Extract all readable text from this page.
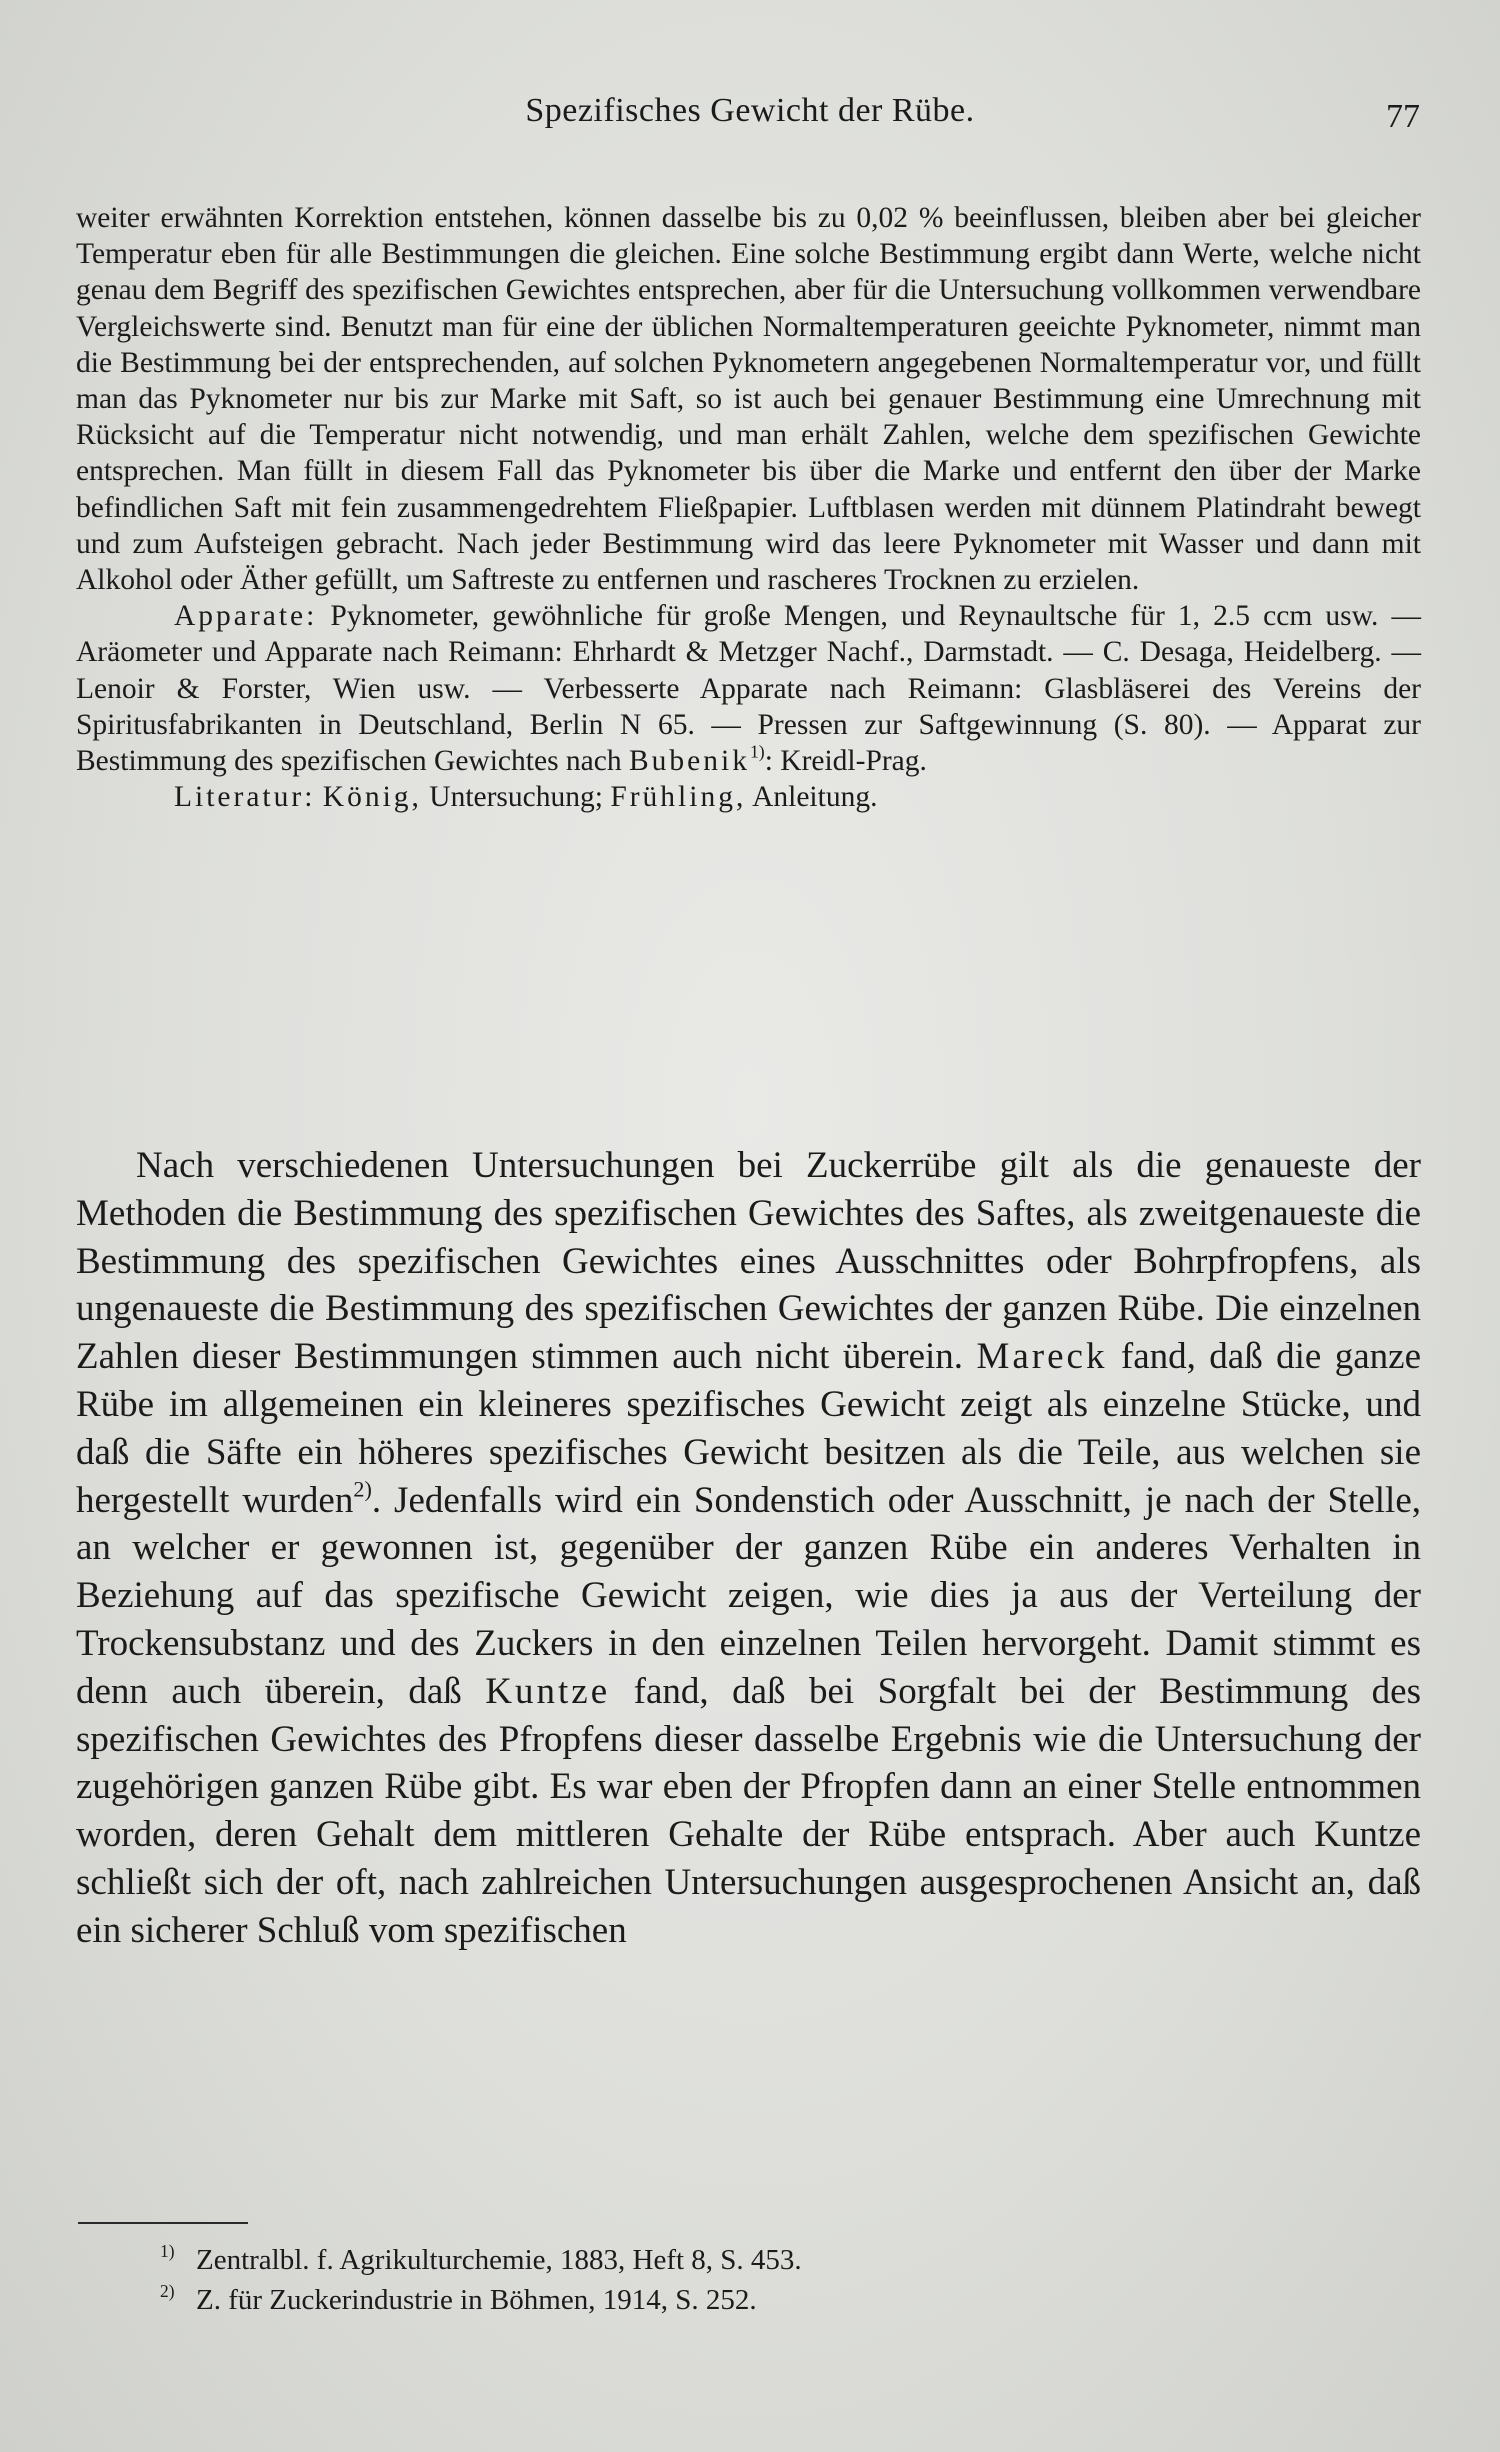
Spezifisches Gewicht der Rübe.	77

weiter erwähnten Korrektion entstehen, können dasselbe bis zu 0,02 % beeinflussen, bleiben aber bei gleicher Temperatur eben für alle Bestimmungen die gleichen. Eine solche Bestimmung ergibt dann Werte, welche nicht genau dem Begriff des spezifischen Gewichtes entsprechen, aber für die Untersuchung vollkommen verwendbare Vergleichswerte sind. Benutzt man für eine der üblichen Normaltemperaturen geeichte Pyknometer, nimmt man die Bestimmung bei der entsprechenden, auf solchen Pyknometern angegebenen Normaltemperatur vor, und füllt man das Pyknometer nur bis zur Marke mit Saft, so ist auch bei genauer Bestimmung eine Umrechnung mit Rücksicht auf die Temperatur nicht notwendig, und man erhält Zahlen, welche dem spezifischen Gewichte entsprechen. Man füllt in diesem Fall das Pyknometer bis über die Marke und entfernt den über der Marke befindlichen Saft mit fein zusammengedrehtem Fließpapier. Luftblasen werden mit dünnem Platindraht bewegt und zum Aufsteigen gebracht. Nach jeder Bestimmung wird das leere Pyknometer mit Wasser und dann mit Alkohol oder Äther gefüllt, um Saftreste zu entfernen und rascheres Trocknen zu erzielen.

Apparate: Pyknometer, gewöhnliche für große Mengen, und Reynaultsche für 1, 2.5 ccm usw. — Aräometer und Apparate nach Reimann: Ehrhardt & Metzger Nachf., Darmstadt. — C. Desaga, Heidelberg. — Lenoir & Forster, Wien usw. — Verbesserte Apparate nach Reimann: Glasbläserei des Vereins der Spiritusfabrikanten in Deutschland, Berlin N 65. — Pressen zur Saftgewinnung (S. 80). — Apparat zur Bestimmung des spezifischen Gewichtes nach Bubenik$^{1)}$: Kreidl-Prag.

Literatur: König, Untersuchung; Frühling, Anleitung.

Nach verschiedenen Untersuchungen bei Zuckerrübe gilt als die genaueste der Methoden die Bestimmung des spezifischen Gewichtes des Saftes, als zweitgenaueste die Bestimmung des spezifischen Gewichtes eines Ausschnittes oder Bohrpfropfens, als ungenaueste die Bestimmung des spezifischen Gewichtes der ganzen Rübe. Die einzelnen Zahlen dieser Bestimmungen stimmen auch nicht überein. Mareck fand, daß die ganze Rübe im allgemeinen ein kleineres spezifisches Gewicht zeigt als einzelne Stücke, und daß die Säfte ein höheres spezifisches Gewicht besitzen als die Teile, aus welchen sie hergestellt wurden$^{2)}$. Jedenfalls wird ein Sondenstich oder Ausschnitt, je nach der Stelle, an welcher er gewonnen ist, gegenüber der ganzen Rübe ein anderes Verhalten in Beziehung auf das spezifische Gewicht zeigen, wie dies ja aus der Verteilung der Trockensubstanz und des Zuckers in den einzelnen Teilen hervorgeht. Damit stimmt es denn auch überein, daß Kuntze fand, daß bei Sorgfalt bei der Bestimmung des spezifischen Gewichtes des Pfropfens dieser dasselbe Ergebnis wie die Untersuchung der zugehörigen ganzen Rübe gibt. Es war eben der Pfropfen dann an einer Stelle entnommen worden, deren Gehalt dem mittleren Gehalte der Rübe entsprach. Aber auch Kuntze schließt sich der oft, nach zahlreichen Untersuchungen ausgesprochenen Ansicht an, daß ein sicherer Schluß vom spezifischen

$^{1)}$ Zentralbl. f. Agrikulturchemie, 1883, Heft 8, S. 453.
$^{2)}$ Z. für Zuckerindustrie in Böhmen, 1914, S. 252.
